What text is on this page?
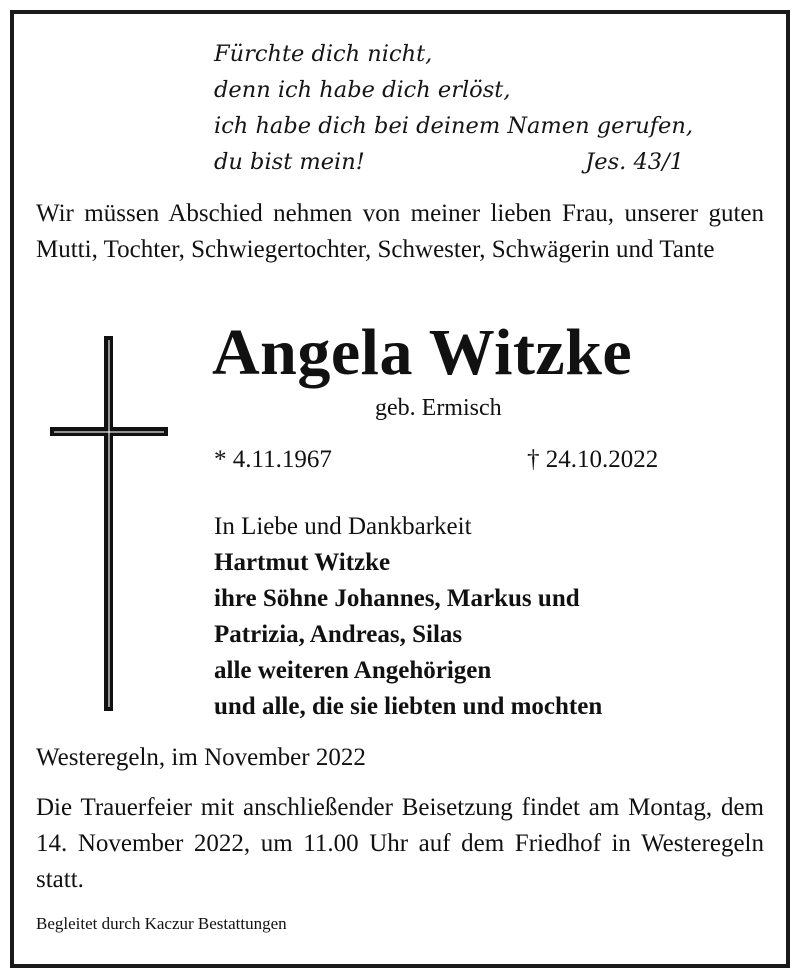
Fürchte dich nicht,
denn ich habe dich erlöst,
ich habe dich bei deinem Namen gerufen,
du bist mein!	Jes. 43/1
Wir müssen Abschied nehmen von meiner lieben Frau, unserer guten Mutti, Tochter, Schwiegertochter, Schwester, Schwägerin und Tante
Angela Witzke
geb. Ermisch
* 4.11.1967	† 24.10.2022
In Liebe und Dankbarkeit
Hartmut Witzke
ihre Söhne Johannes, Markus und
Patrizia, Andreas, Silas
alle weiteren Angehörigen
und alle, die sie liebten und mochten
Westeregeln, im November 2022
Die Trauerfeier mit anschließender Beisetzung findet am Montag, dem 14. November 2022, um 11.00 Uhr auf dem Friedhof in Westeregeln statt.
Begleitet durch Kaczur Bestattungen
